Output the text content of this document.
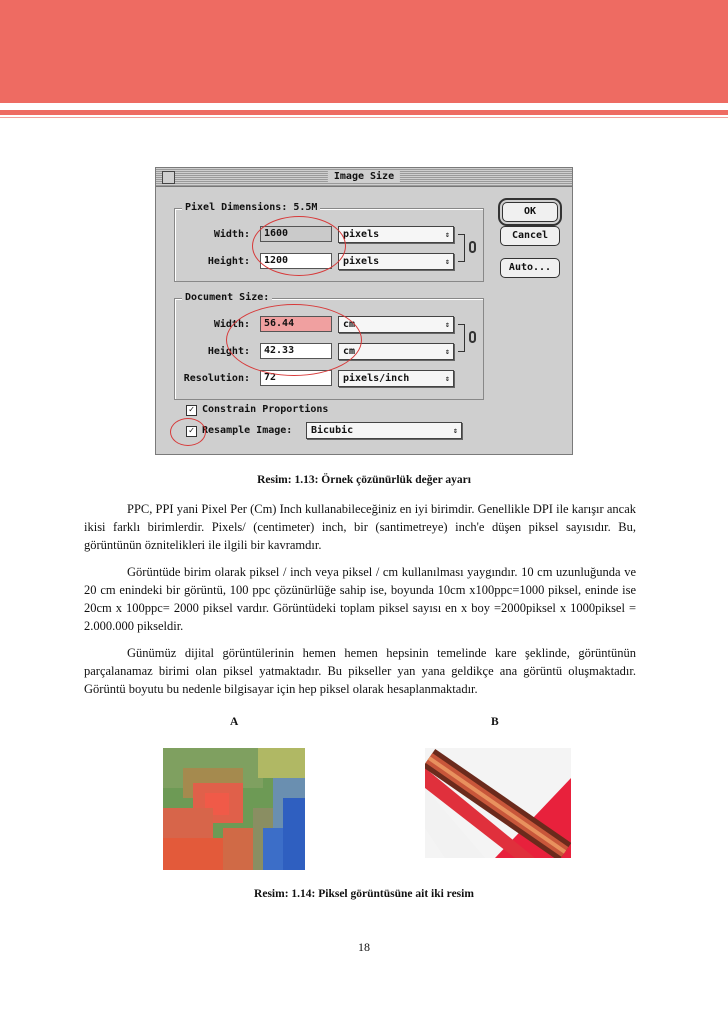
Image Size
Pixel Dimensions: 5.5M
Width:	1600	pixels	⇕
Height:	1200	pixels	⇕
Document Size:
Width:	56.44	cm	⇕
Height:	42.33	cm	⇕
Resolution:	72	pixels/inch	⇕
✓ Constrain Proportions
✓ Resample Image:	Bicubic	⇕
OK
Cancel
Auto...
Resim: 1.13: Örnek çözünürlük değer ayarı

PPC, PPI yani Pixel Per (Cm) Inch kullanabileceğiniz en iyi birimdir. Genellikle DPI ile karışır ancak ikisi farklı birimlerdir. Pixels/ (centimeter) inch, bir (santimetreye) inch'e düşen piksel sayısıdır. Bu, görüntünün öznitelikleri ile ilgili bir kavramdır.

Görüntüde birim olarak piksel / inch veya piksel / cm kullanılması yaygındır. 10 cm uzunluğunda ve 20 cm enindeki bir görüntü, 100 ppc çözünürlüğe sahip ise, boyunda 10cm x100ppc=1000 piksel, eninde ise 20cm x 100ppc= 2000 piksel vardır. Görüntüdeki toplam piksel sayısı en x boy =2000piksel x 1000piksel = 2.000.000 pikseldir.

Günümüz dijital görüntülerinin hemen hemen hepsinin temelinde kare şeklinde, görüntünün parçalanamaz birimi olan piksel yatmaktadır. Bu pikseller yan yana geldikçe ana görüntü oluşmaktadır. Görüntü boyutu bu nedenle bilgisayar için hep piksel olarak hesaplanmaktadır.

A	B
Resim: 1.14: Piksel görüntüsüne ait iki resim
18
